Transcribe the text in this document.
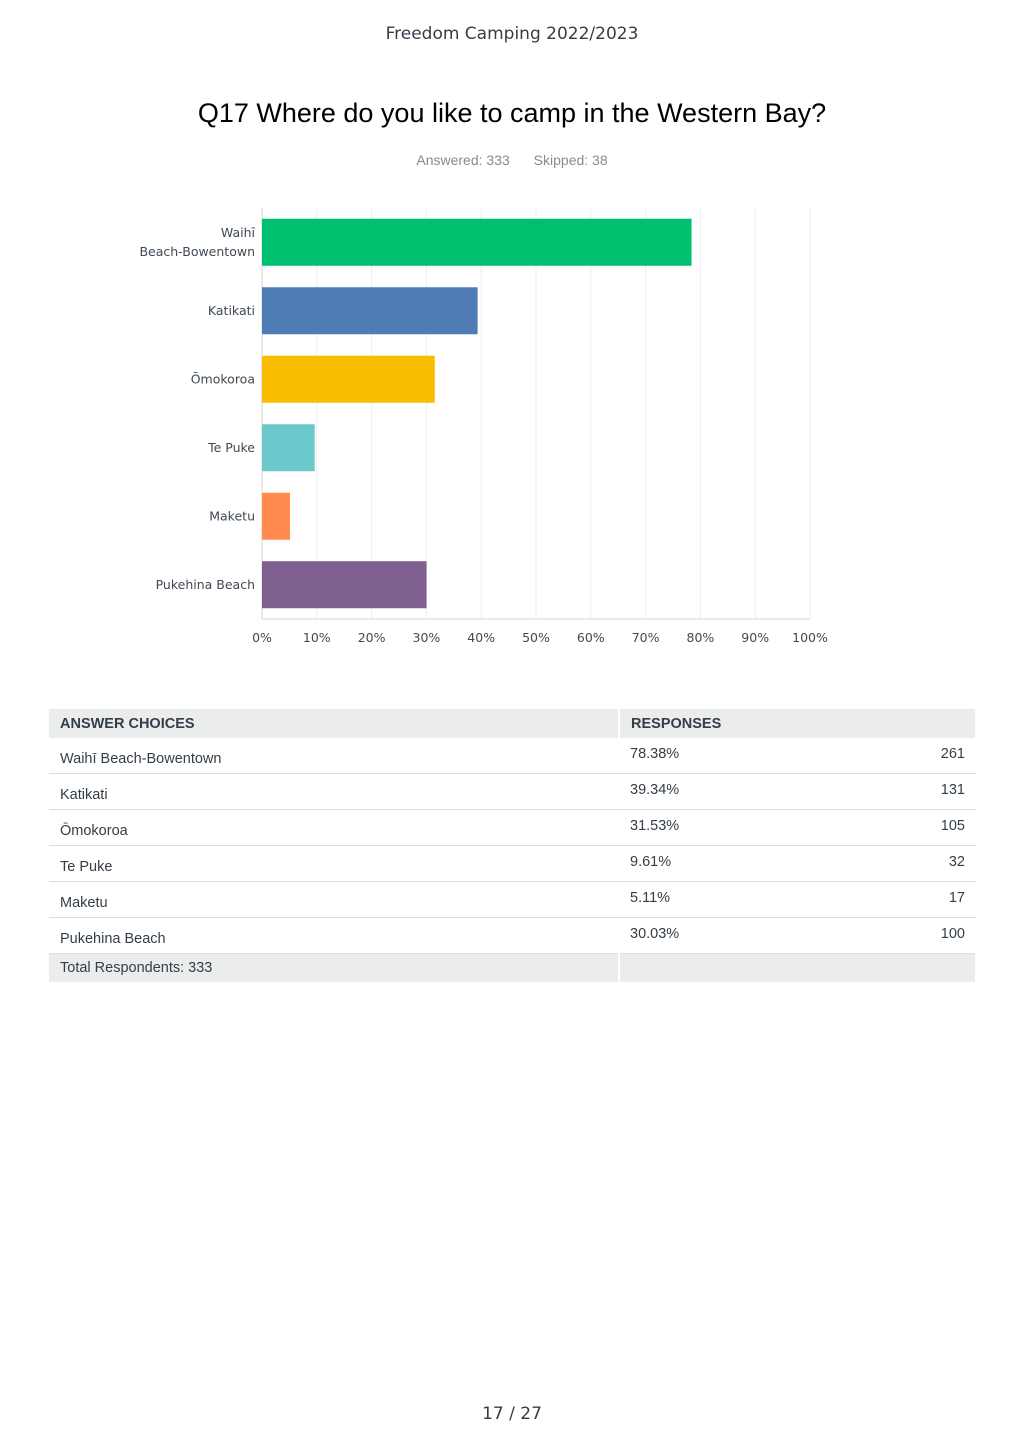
Freedom Camping 2022/2023
Q17 Where do you like to camp in the Western Bay?
Answered: 333 Skipped: 38
Waihī Beach-Bowentown
Katikati
Ōmokoroa
Te Puke
Maketu
Pukehina Beach
0% 10% 20% 30% 40% 50% 60% 70% 80% 90% 100%
ANSWER CHOICES	RESPONSES	
Waihī Beach-Bowentown	78.38%	261
Katikati	39.34%	131
Ōmokoroa	31.53%	105
Te Puke	9.61%	32
Maketu	5.11%	17
Pukehina Beach	30.03%	100
Total Respondents: 333		
17 / 27
